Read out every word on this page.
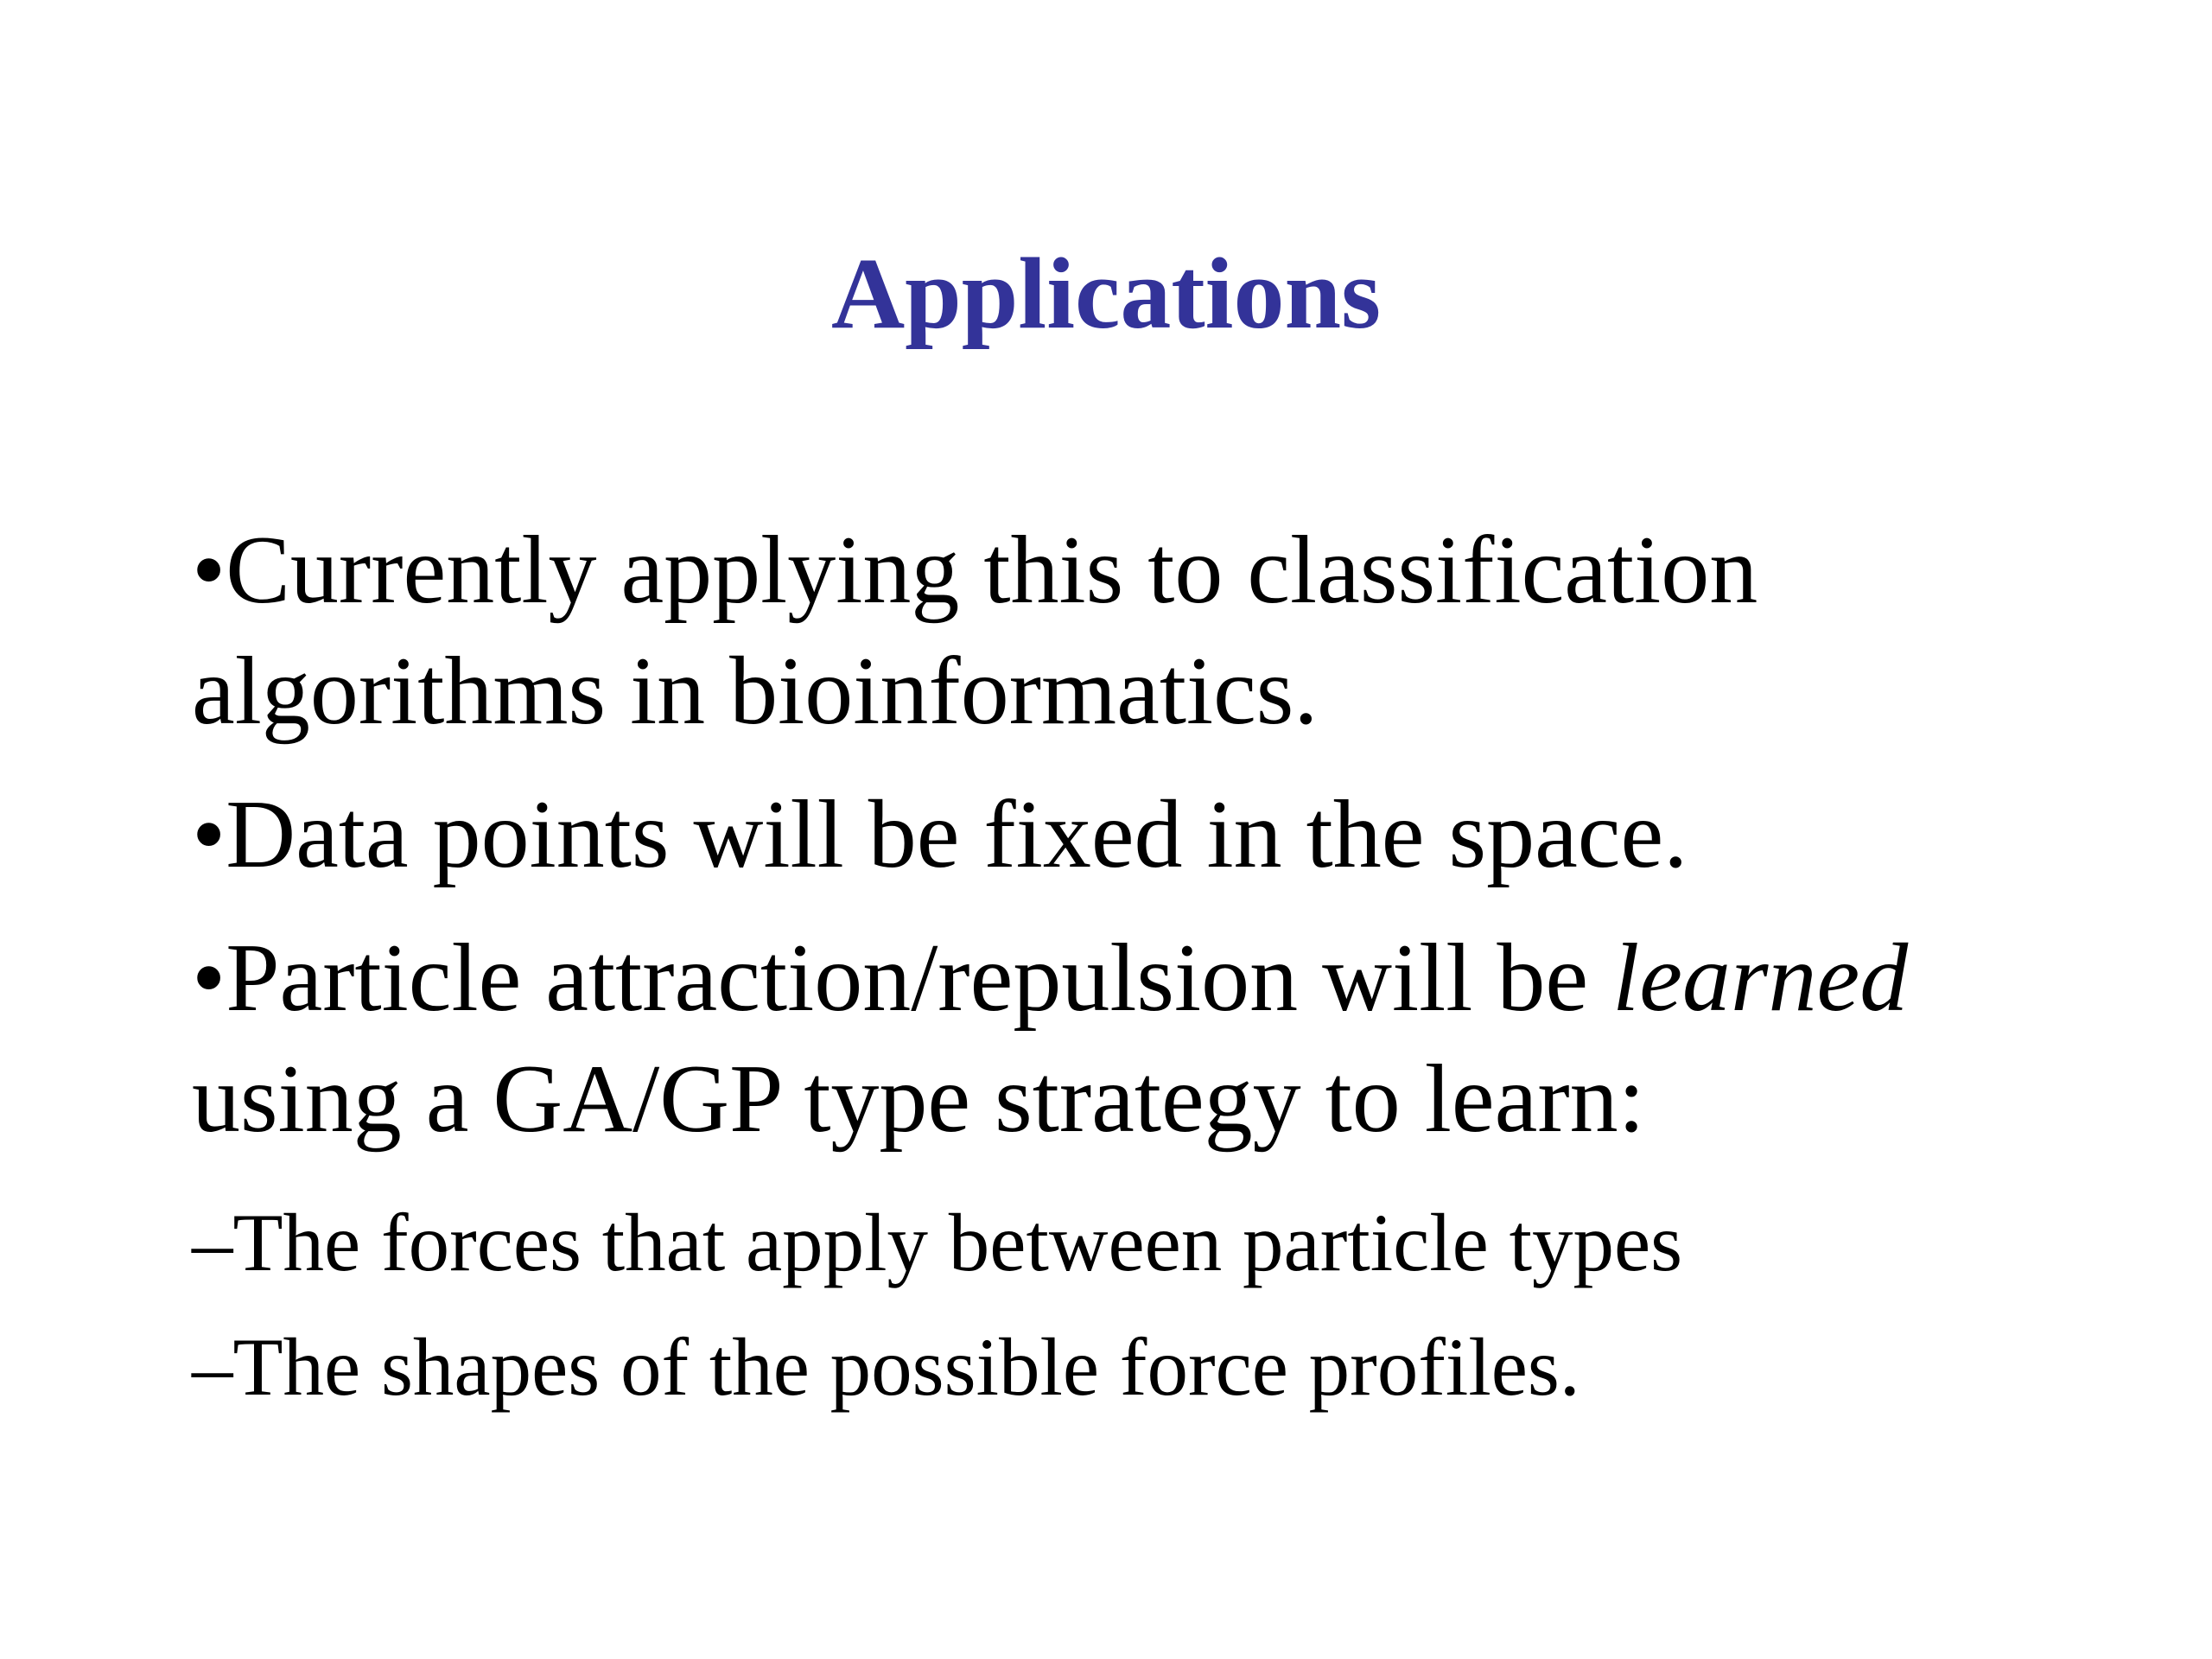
Applications
•Currently applying this to classification
algorithms in bioinformatics.
•Data points will be fixed in the space.
•Particle attraction/repulsion will be learned
using a GA/GP type strategy to learn:
–The forces that apply between particle types
–The shapes of the possible force profiles.
